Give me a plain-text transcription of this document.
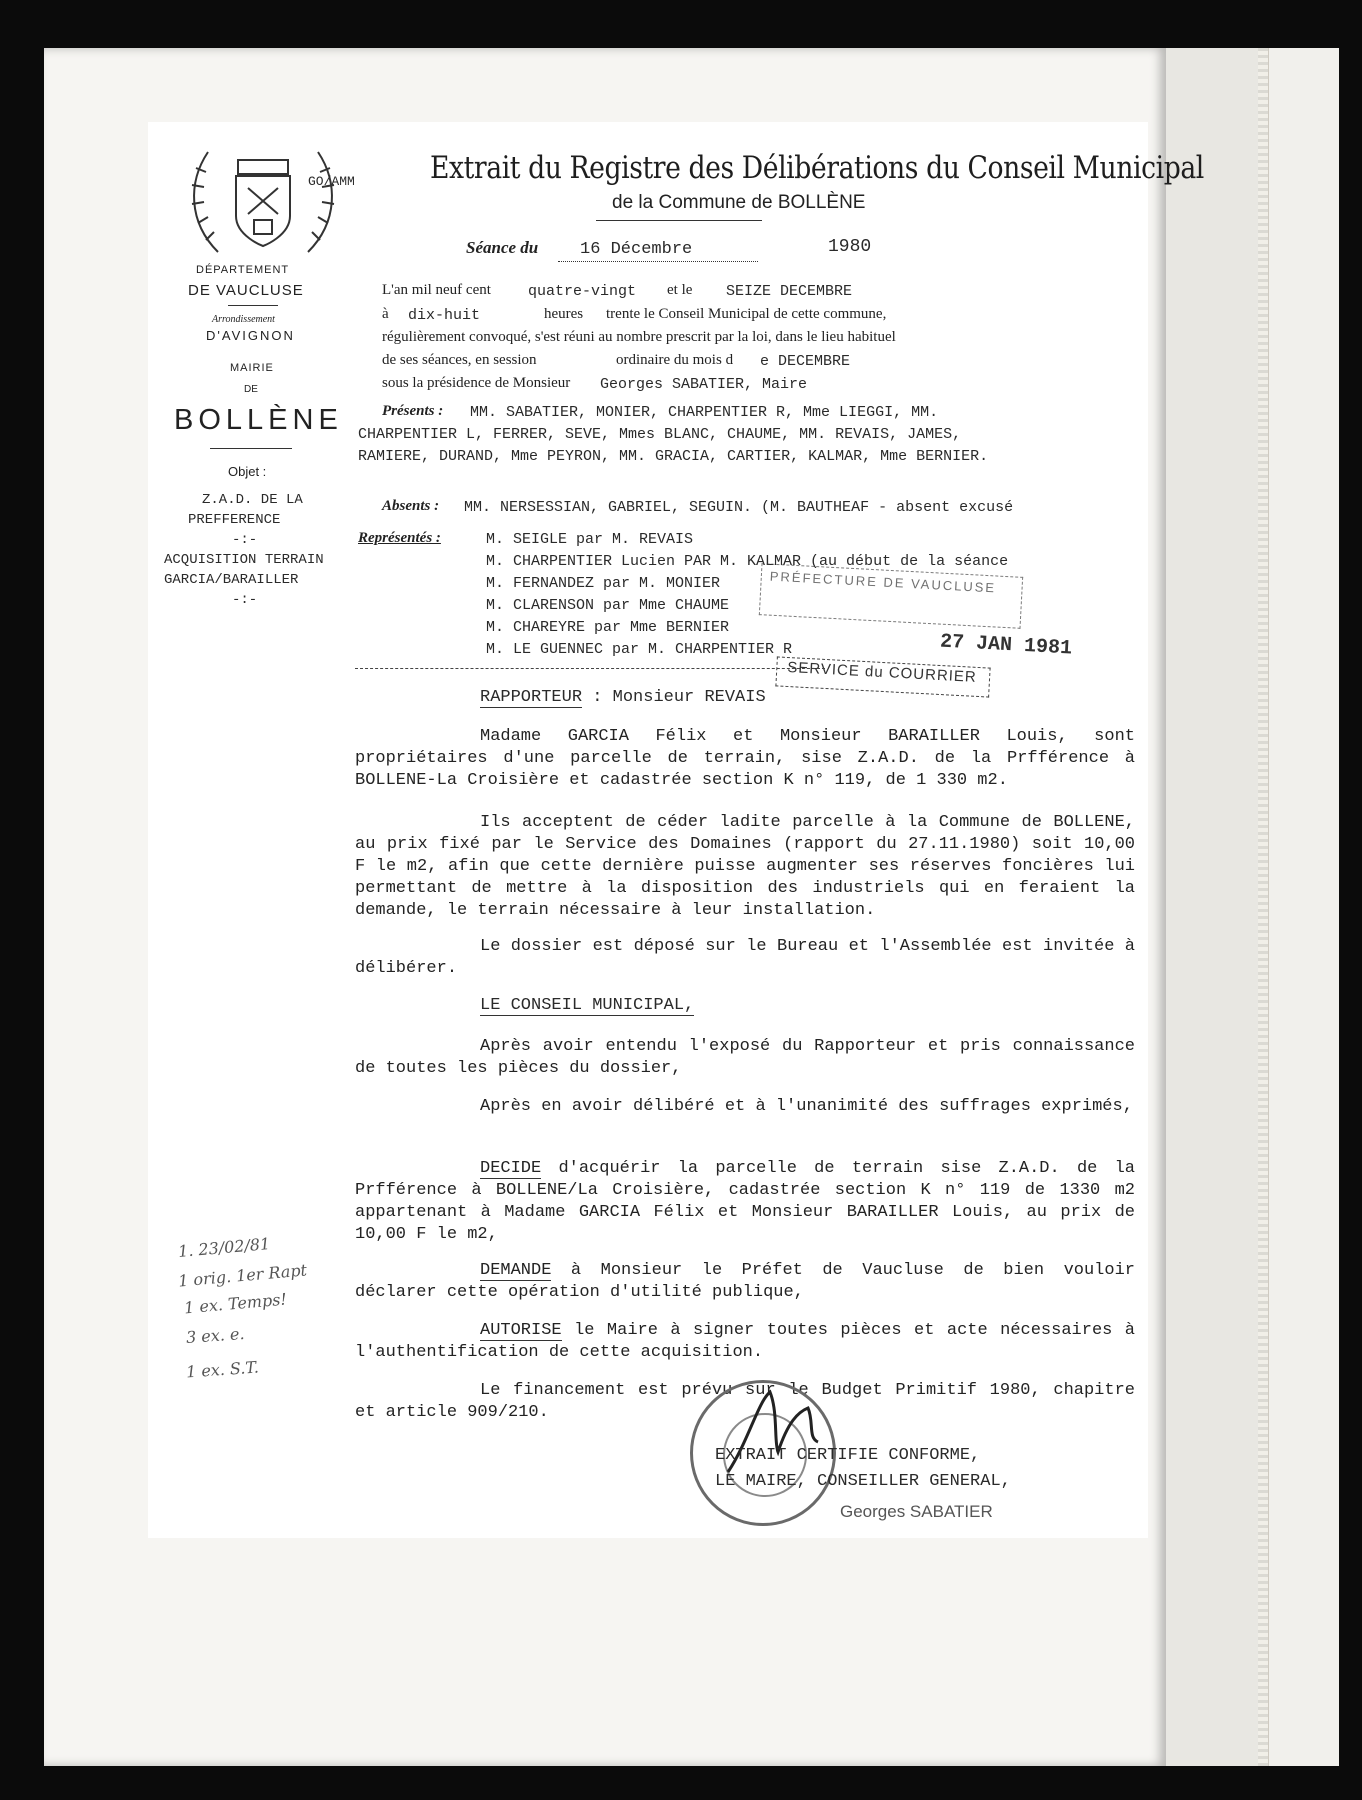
GO/AMM Extrait du Registre des Délibérations du Conseil Municipal
de la Commune de BOLLÈNE
Séance du 16 Décembre	1980
DÉPARTEMENT
DE VAUCLUSE
Arrondissement
D'AVIGNON
MAIRIE
DE
BOLLÈNE
Objet :
Z.A.D. DE LA
PREFFERENCE
-:-
ACQUISITION TERRAIN
GARCIA/BARAILLER
-:-
L'an mil neuf cent quatre-vingt et le SEIZE DECEMBRE
à dix-huit	heures trente le Conseil Municipal de cette commune,
régulièrement convoqué, s'est réuni au nombre prescrit par la loi, dans le lieu habituel
de ses séances, en session	ordinaire du mois d e DECEMBRE
sous la présidence de Monsieur Georges SABATIER, Maire
Présents : MM. SABATIER, MONIER, CHARPENTIER R, Mme LIEGGI, MM.
CHARPENTIER L, FERRER, SEVE, Mmes BLANC, CHAUME, MM. REVAIS, JAMES,
RAMIERE, DURAND, Mme PEYRON, MM. GRACIA, CARTIER, KALMAR, Mme BERNIER.
Absents : MM. NERSESSIAN, GABRIEL, SEGUIN. (M. BAUTHEAF - absent excusé
Représentés :	M. SEIGLE par M. REVAIS
M. CHARPENTIER Lucien PAR M. KALMAR (au début de la séance
M. FERNANDEZ par M. MONIER
M. CLARENSON par Mme CHAUME
M. CHAREYRE par Mme BERNIER
M. LE GUENNEC par M. CHARPENTIER R
PRÉFECTURE DE VAUCLUSE
27 JAN 1981
SERVICE du COURRIER
RAPPORTEUR : Monsieur REVAIS
Madame GARCIA Félix et Monsieur BARAILLER Louis, sont propriétaires d'une parcelle de terrain, sise Z.A.D. de la Prfférence à BOLLENE-La Croisière et cadastrée section K n° 119, de 1 330 m2.
Ils acceptent de céder ladite parcelle à la Commune de BOLLENE, au prix fixé par le Service des Domaines (rapport du 27.11.1980) soit 10,00 F le m2, afin que cette dernière puisse augmenter ses réserves foncières lui permettant de mettre à la disposition des industriels qui en feraient la demande, le terrain nécessaire à leur installation.
Le dossier est déposé sur le Bureau et l'Assemblée est invitée à délibérer.
LE CONSEIL MUNICIPAL,
Après avoir entendu l'exposé du Rapporteur et pris connaissance de toutes les pièces du dossier,
Après en avoir délibéré et à l'unanimité des suffrages exprimés,
DECIDE d'acquérir la parcelle de terrain sise Z.A.D. de la Prfférence à BOLLENE/La Croisière, cadastrée section K n° 119 de 1330 m2 appartenant à Madame GARCIA Félix et Monsieur BARAILLER Louis, au prix de 10,00 F le m2,
DEMANDE à Monsieur le Préfet de Vaucluse de bien vouloir déclarer cette opération d'utilité publique,
AUTORISE le Maire à signer toutes pièces et acte nécessaires à l'authentification de cette acquisition.
Le financement est prévu sur le Budget Primitif 1980, chapitre et article 909/210.
EXTRAIT CERTIFIE CONFORME,
LE MAIRE, CONSEILLER GENERAL,
Georges SABATIER
1. 23/02/81
1 orig. 1er Rapt
1 ex. Temps!
3 ex. e.
1 ex. S.T.
